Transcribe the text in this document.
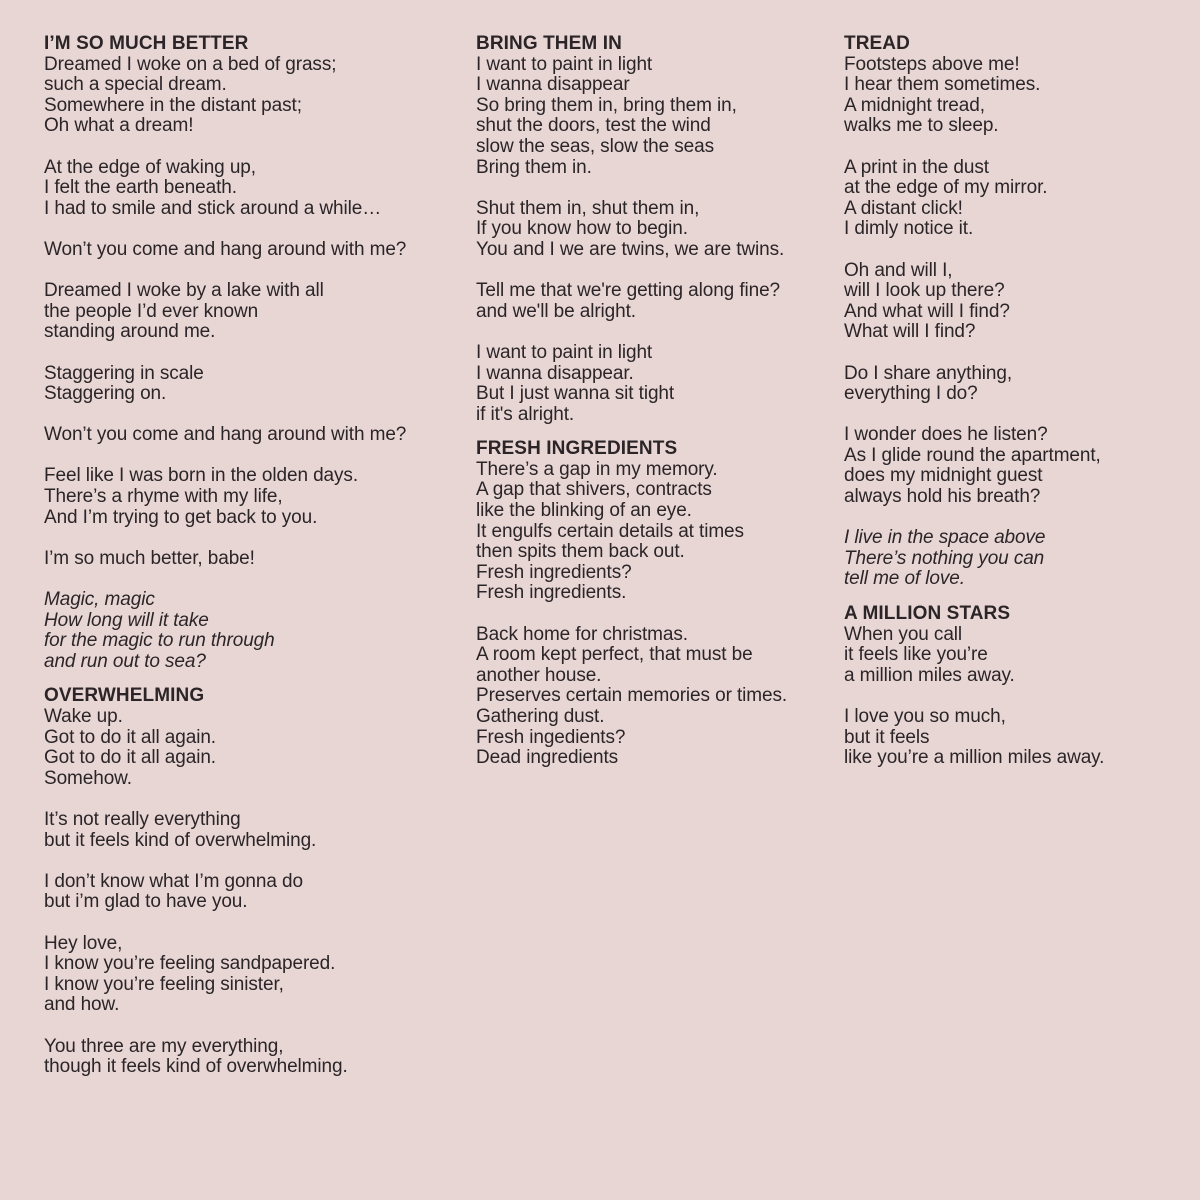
I’M SO MUCH BETTER
Dreamed I woke on a bed of grass;
such a special dream.
Somewhere in the distant past;
Oh what a dream!
At the edge of waking up,
I felt the earth beneath.
I had to smile and stick around a while…
Won’t you come and hang around with me?
Dreamed I woke by a lake with all
the people I’d ever known
standing around me.
Staggering in scale
Staggering on.
Won’t you come and hang around with me?
Feel like I was born in the olden days.
There’s a rhyme with my life,
And I’m trying to get back to you.
I’m so much better, babe!
Magic, magic
How long will it take
for the magic to run through
and run out to sea?
OVERWHELMING
Wake up.
Got to do it all again.
Got to do it all again.
Somehow.
It’s not really everything
but it feels kind of overwhelming.
I don’t know what I’m gonna do
but i’m glad to have you.
Hey love,
I know you’re feeling sandpapered.
I know you’re feeling sinister,
and how.
You three are my everything,
though it feels kind of overwhelming.
BRING THEM IN
I want to paint in light
I wanna disappear
So bring them in, bring them in,
shut the doors, test the wind
slow the seas, slow the seas
Bring them in.
Shut them in, shut them in,
If you know how to begin.
You and I we are twins, we are twins.
Tell me that we're getting along fine?
and we'll be alright.
I want to paint in light
I wanna disappear.
But I just wanna sit tight
if it's alright.
FRESH INGREDIENTS
There’s a gap in my memory.
A gap that shivers, contracts
like the blinking of an eye.
It engulfs certain details at times
then spits them back out.
Fresh ingredients?
Fresh ingredients.
Back home for christmas.
A room kept perfect, that must be
another house.
Preserves certain memories or times.
Gathering dust.
Fresh ingedients?
Dead ingredients
TREAD
Footsteps above me!
I hear them sometimes.
A midnight tread,
walks me to sleep.
A print in the dust
at the edge of my mirror.
A distant click!
I dimly notice it.
Oh and will I,
will I look up there?
And what will I find?
What will I find?
Do I share anything,
everything I do?
I wonder does he listen?
As I glide round the apartment,
does my midnight guest
always hold his breath?
I live in the space above
There’s nothing you can
tell me of love.
A MILLION STARS
When you call
it feels like you’re
a million miles away.
I love you so much,
but it feels
like you’re a million miles away.
